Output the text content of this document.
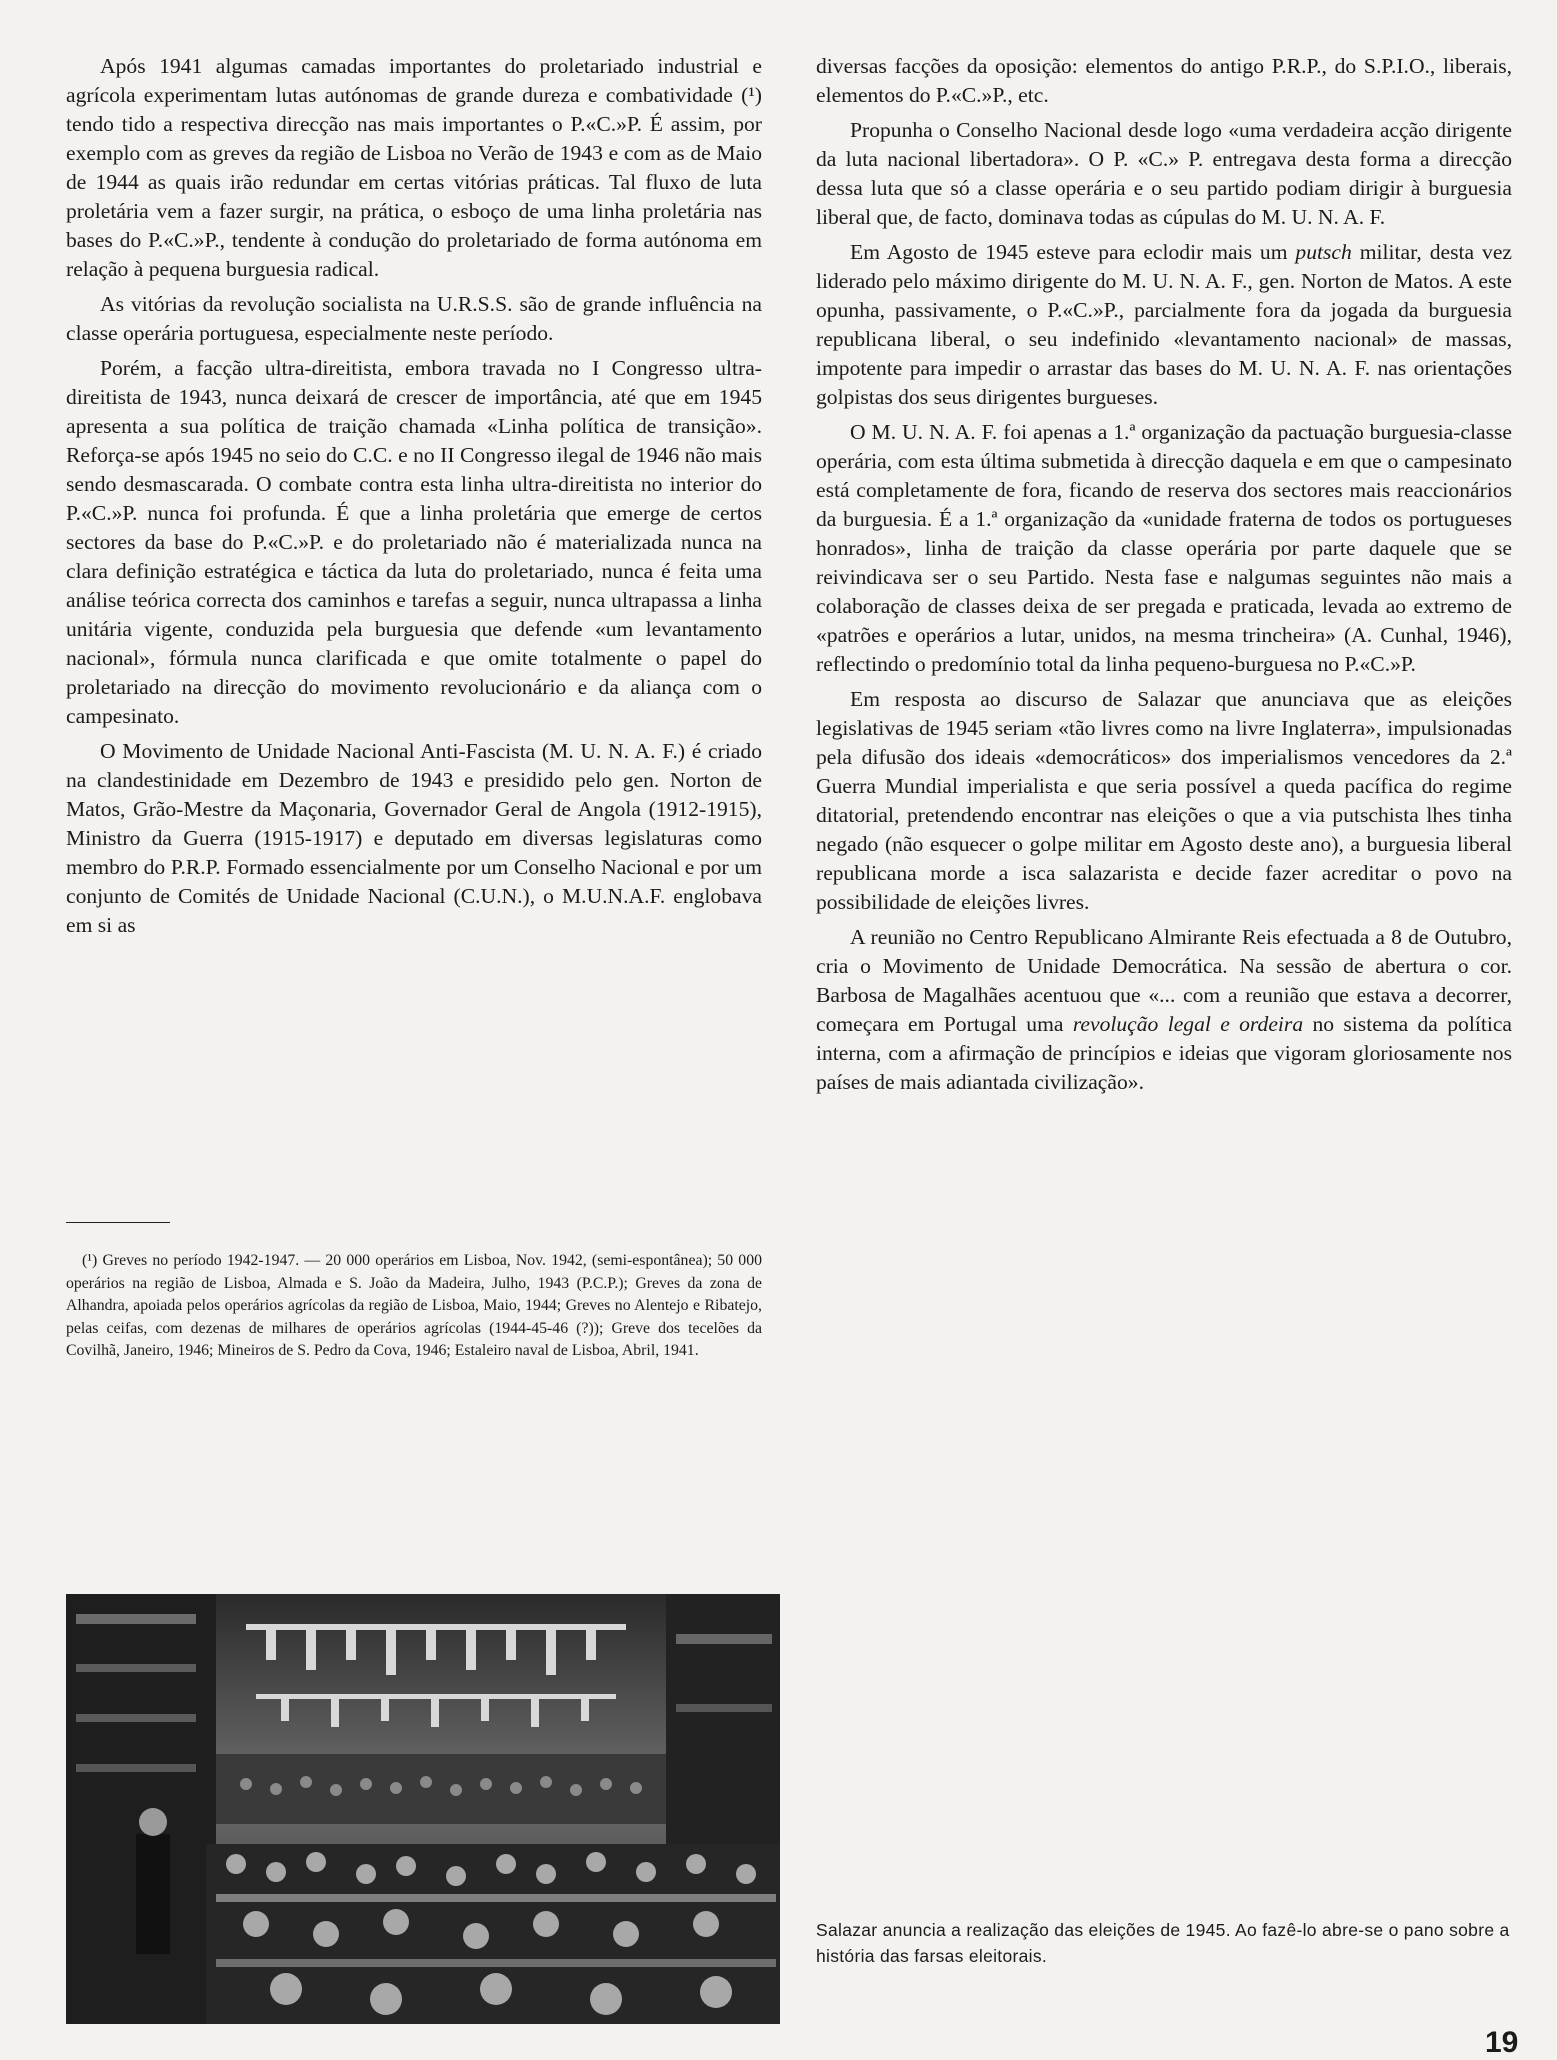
Após 1941 algumas camadas importantes do proletariado industrial e agrícola experimentam lutas autónomas de grande dureza e combatividade (¹) tendo tido a respectiva direcção nas mais importantes o P.«C.»P. É assim, por exemplo com as greves da região de Lisboa no Verão de 1943 e com as de Maio de 1944 as quais irão redundar em certas vitórias práticas. Tal fluxo de luta proletária vem a fazer surgir, na prática, o esboço de uma linha proletária nas bases do P.«C.»P., tendente à condução do proletariado de forma autónoma em relação à pequena burguesia radical.

As vitórias da revolução socialista na U.R.S.S. são de grande influência na classe operária portuguesa, especialmente neste período.

Porém, a facção ultra-direitista, embora travada no I Congresso ultra-direitista de 1943, nunca deixará de crescer de importância, até que em 1945 apresenta a sua política de traição chamada «Linha política de transição». Reforça-se após 1945 no seio do C.C. e no II Congresso ilegal de 1946 não mais sendo desmascarada. O combate contra esta linha ultra-direitista no interior do P.«C.»P. nunca foi profunda. É que a linha proletária que emerge de certos sectores da base do P.«C.»P. e do proletariado não é materializada nunca na clara definição estratégica e táctica da luta do proletariado, nunca é feita uma análise teórica correcta dos caminhos e tarefas a seguir, nunca ultrapassa a linha unitária vigente, conduzida pela burguesia que defende «um levantamento nacional», fórmula nunca clarificada e que omite totalmente o papel do proletariado na direcção do movimento revolucionário e da aliança com o campesinato.

O Movimento de Unidade Nacional Anti-Fascista (M. U. N. A. F.) é criado na clandestinidade em Dezembro de 1943 e presidido pelo gen. Norton de Matos, Grão-Mestre da Maçonaria, Governador Geral de Angola (1912-1915), Ministro da Guerra (1915-1917) e deputado em diversas legislaturas como membro do P.R.P. Formado essencialmente por um Conselho Nacional e por um conjunto de Comités de Unidade Nacional (C.U.N.), o M.U.N.A.F. englobava em si as

(¹) Greves no período 1942-1947. — 20 000 operários em Lisboa, Nov. 1942, (semi-espontânea); 50 000 operários na região de Lisboa, Almada e S. João da Madeira, Julho, 1943 (P.C.P.); Greves da zona de Alhandra, apoiada pelos operários agrícolas da região de Lisboa, Maio, 1944; Greves no Alentejo e Ribatejo, pelas ceifas, com dezenas de milhares de operários agrícolas (1944-45-46 (?)); Greve dos tecelões da Covilhã, Janeiro, 1946; Mineiros de S. Pedro da Cova, 1946; Estaleiro naval de Lisboa, Abril, 1941.

diversas facções da oposição: elementos do antigo P.R.P., do S.P.I.O., liberais, elementos do P.«C.»P., etc.

Propunha o Conselho Nacional desde logo «uma verdadeira acção dirigente da luta nacional libertadora». O P. «C.» P. entregava desta forma a direcção dessa luta que só a classe operária e o seu partido podiam dirigir à burguesia liberal que, de facto, dominava todas as cúpulas do M. U. N. A. F.

Em Agosto de 1945 esteve para eclodir mais um putsch militar, desta vez liderado pelo máximo dirigente do M. U. N. A. F., gen. Norton de Matos. A este opunha, passivamente, o P.«C.»P., parcialmente fora da jogada da burguesia republicana liberal, o seu indefinido «levantamento nacional» de massas, impotente para impedir o arrastar das bases do M. U. N. A. F. nas orientações golpistas dos seus dirigentes burgueses.

O M. U. N. A. F. foi apenas a 1.ª organização da pactuação burguesia-classe operária, com esta última submetida à direcção daquela e em que o campesinato está completamente de fora, ficando de reserva dos sectores mais reaccionários da burguesia. É a 1.ª organização da «unidade fraterna de todos os portugueses honrados», linha de traição da classe operária por parte daquele que se reivindicava ser o seu Partido. Nesta fase e nalgumas seguintes não mais a colaboração de classes deixa de ser pregada e praticada, levada ao extremo de «patrões e operários a lutar, unidos, na mesma trincheira» (A. Cunhal, 1946), reflectindo o predomínio total da linha pequeno-burguesa no P.«C.»P.

Em resposta ao discurso de Salazar que anunciava que as eleições legislativas de 1945 seriam «tão livres como na livre Inglaterra», impulsionadas pela difusão dos ideais «democráticos» dos imperialismos vencedores da 2.ª Guerra Mundial imperialista e que seria possível a queda pacífica do regime ditatorial, pretendendo encontrar nas eleições o que a via putschista lhes tinha negado (não esquecer o golpe militar em Agosto deste ano), a burguesia liberal republicana morde a isca salazarista e decide fazer acreditar o povo na possibilidade de eleições livres.

A reunião no Centro Republicano Almirante Reis efectuada a 8 de Outubro, cria o Movimento de Unidade Democrática. Na sessão de abertura o cor. Barbosa de Magalhães acentuou que «... com a reunião que estava a decorrer, começara em Portugal uma revolução legal e ordeira no sistema da política interna, com a afirmação de princípios e ideias que vigoram gloriosamente nos países de mais adiantada civilização».

Salazar anuncia a realização das eleições de 1945. Ao fazê-lo abre-se o pano sobre a história das farsas eleitorais.
19
